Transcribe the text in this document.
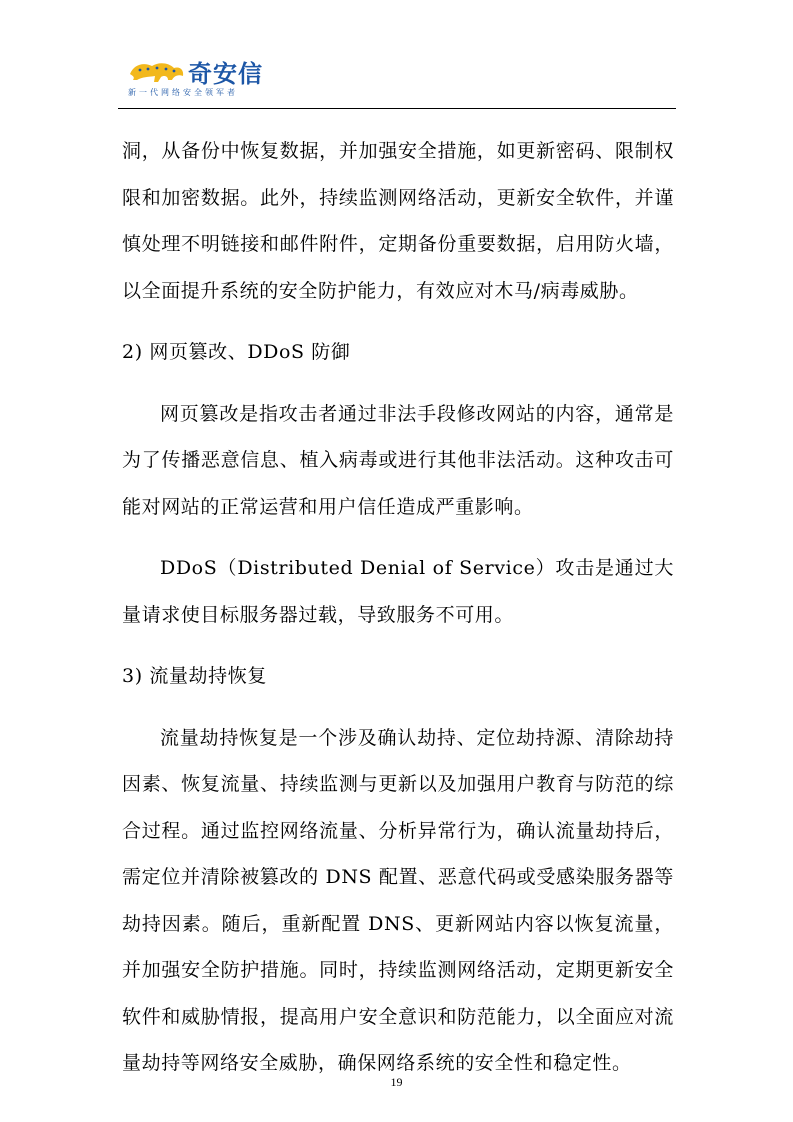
奇安信
新一代网络安全领军者

洞，从备份中恢复数据，并加强安全措施，如更新密码、限制权限和加密数据。此外，持续监测网络活动，更新安全软件，并谨慎处理不明链接和邮件附件，定期备份重要数据，启用防火墙，以全面提升系统的安全防护能力，有效应对木马/病毒威胁。

2) 网页篡改、DDoS 防御

网页篡改是指攻击者通过非法手段修改网站的内容，通常是为了传播恶意信息、植入病毒或进行其他非法活动。这种攻击可能对网站的正常运营和用户信任造成严重影响。

DDoS（Distributed Denial of Service）攻击是通过大量请求使目标服务器过载，导致服务不可用。

3) 流量劫持恢复

流量劫持恢复是一个涉及确认劫持、定位劫持源、清除劫持因素、恢复流量、持续监测与更新以及加强用户教育与防范的综合过程。通过监控网络流量、分析异常行为，确认流量劫持后，需定位并清除被篡改的 DNS 配置、恶意代码或受感染服务器等劫持因素。随后，重新配置 DNS、更新网站内容以恢复流量，并加强安全防护措施。同时，持续监测网络活动，定期更新安全软件和威胁情报，提高用户安全意识和防范能力，以全面应对流量劫持等网络安全威胁，确保网络系统的安全性和稳定性。

19
